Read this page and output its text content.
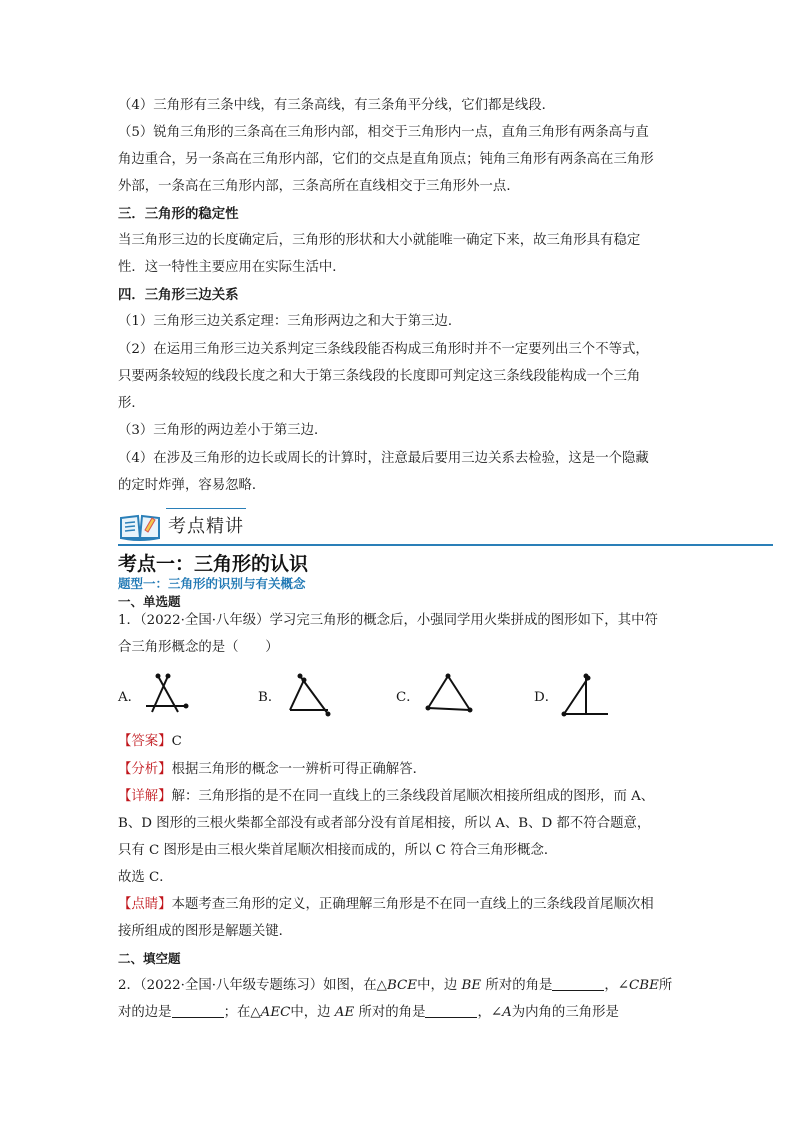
（4）三角形有三条中线，有三条高线，有三条角平分线，它们都是线段．
（5）锐角三角形的三条高在三角形内部，相交于三角形内一点，直角三角形有两条高与直
角边重合，另一条高在三角形内部，它们的交点是直角顶点；钝角三角形有两条高在三角形
外部，一条高在三角形内部，三条高所在直线相交于三角形外一点．
三．三角形的稳定性
当三角形三边的长度确定后，三角形的形状和大小就能唯一确定下来，故三角形具有稳定
性．这一特性主要应用在实际生活中．
四．三角形三边关系
（1）三角形三边关系定理：三角形两边之和大于第三边．
（2）在运用三角形三边关系判定三条线段能否构成三角形时并不一定要列出三个不等式，
只要两条较短的线段长度之和大于第三条线段的长度即可判定这三条线段能构成一个三角
形．
（3）三角形的两边差小于第三边．
（4）在涉及三角形的边长或周长的计算时，注意最后要用三边关系去检验，这是一个隐藏
的定时炸弹，容易忽略．
考点精讲
考点一：三角形的认识
题型一：三角形的识别与有关概念
一、单选题
1．（2022·全国·八年级）学习完三角形的概念后，小强同学用火柴拼成的图形如下，其中符
合三角形概念的是（　　）
A．	B．	C．	D．
【答案】C
【分析】根据三角形的概念一一辨析可得正确解答．
【详解】解：三角形指的是不在同一直线上的三条线段首尾顺次相接所组成的图形，而 A、
B、D 图形的三根火柴都全部没有或者部分没有首尾相接，所以 A、B、D 都不符合题意，
只有 C 图形是由三根火柴首尾顺次相接而成的，所以 C 符合三角形概念．
故选 C．
【点睛】本题考查三角形的定义，正确理解三角形是不在同一直线上的三条线段首尾顺次相
接所组成的图形是解题关键．
二、填空题
2．（2022·全国·八年级专题练习）如图，在△BCE中，边 BE 所对的角是	，∠CBE所
对的边是	；在△AEC中，边 AE 所对的角是	，∠A为内角的三角形是
